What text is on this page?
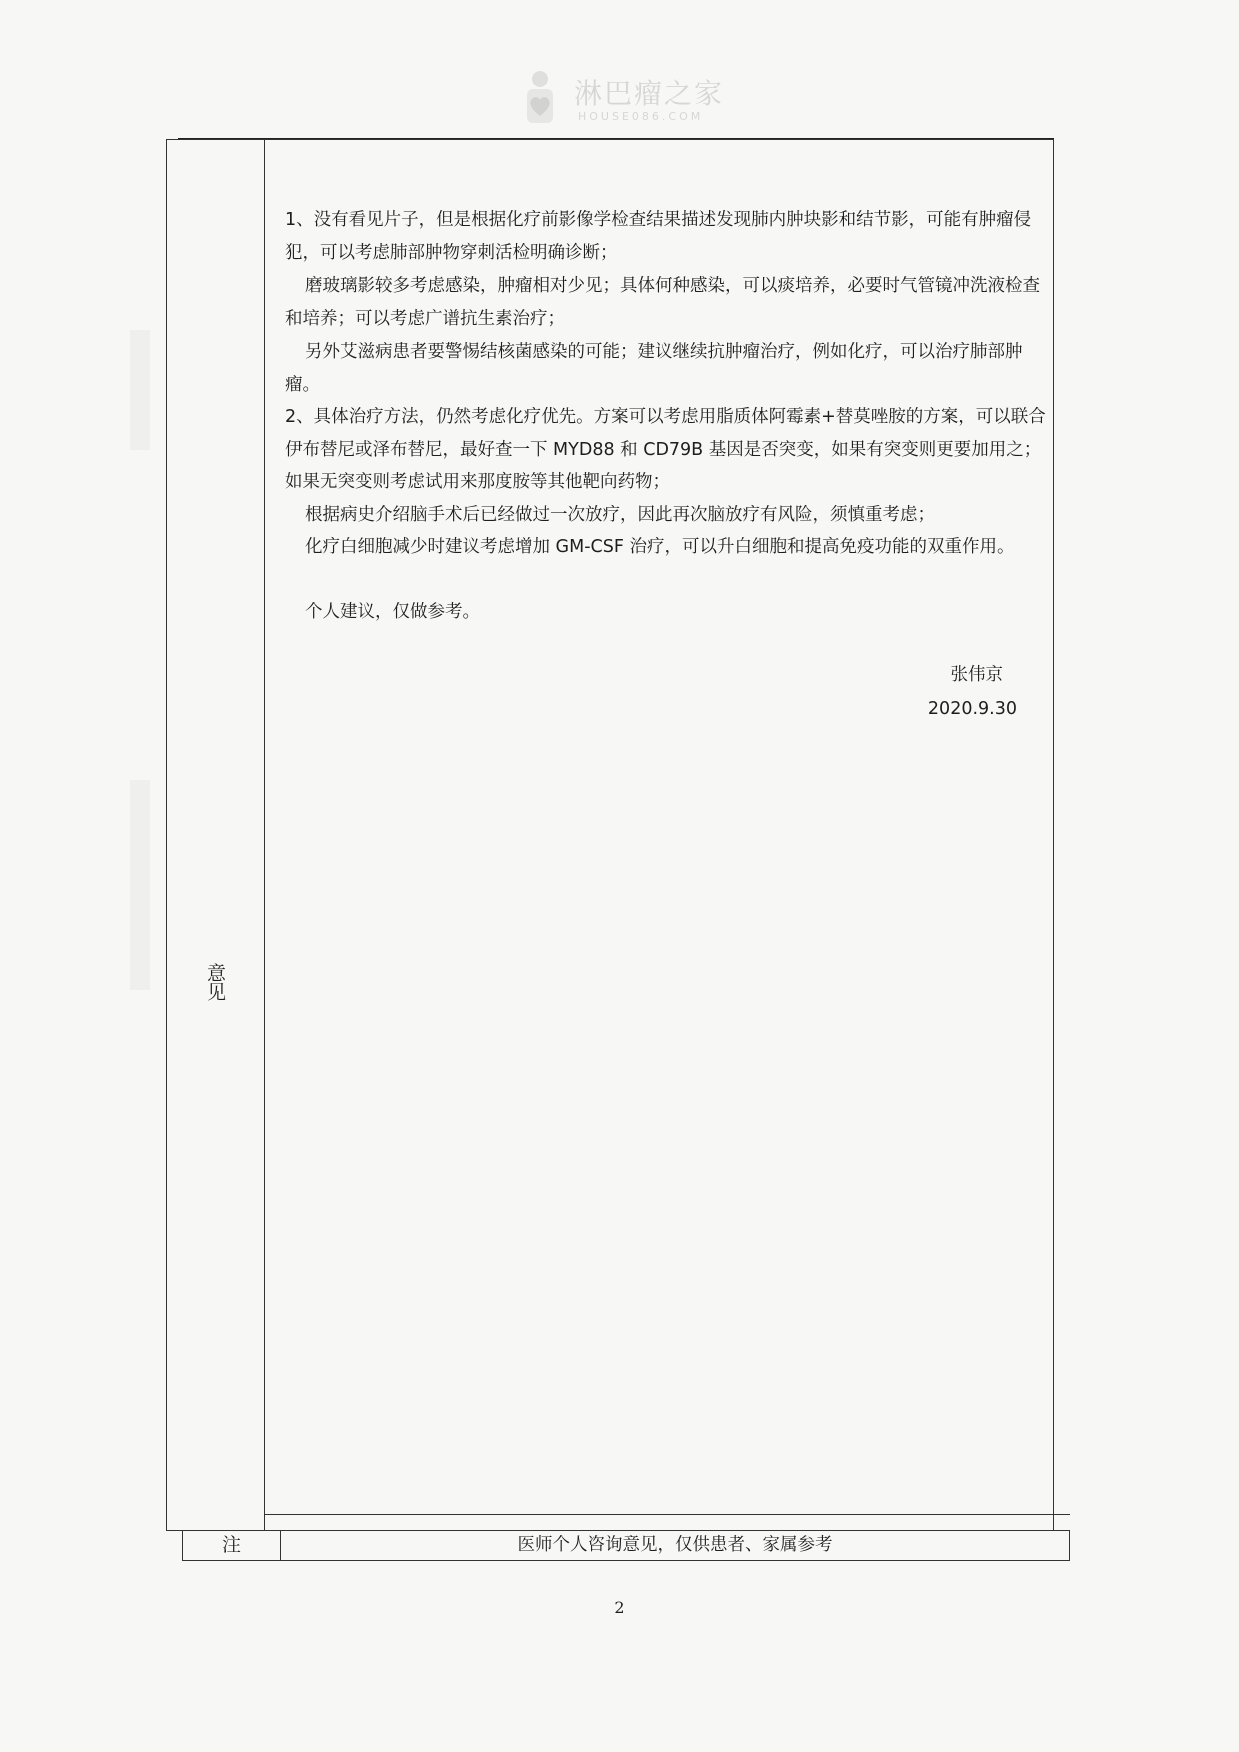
淋巴瘤之家
HOUSE086.COM
意见
1、没有看见片子，但是根据化疗前影像学检查结果描述发现肺内肿块影和结节影，可能有肿瘤侵犯，可以考虑肺部肿物穿刺活检明确诊断；
磨玻璃影较多考虑感染，肿瘤相对少见；具体何种感染，可以痰培养，必要时气管镜冲洗液检查和培养；可以考虑广谱抗生素治疗；
另外艾滋病患者要警惕结核菌感染的可能；建议继续抗肿瘤治疗，例如化疗，可以治疗肺部肿瘤。
2、具体治疗方法，仍然考虑化疗优先。方案可以考虑用脂质体阿霉素+替莫唑胺的方案，可以联合伊布替尼或泽布替尼，最好查一下 MYD88 和 CD79B 基因是否突变，如果有突变则更要加用之；如果无突变则考虑试用来那度胺等其他靶向药物；
根据病史介绍脑手术后已经做过一次放疗，因此再次脑放疗有风险，须慎重考虑；
化疗白细胞减少时建议考虑增加 GM-CSF 治疗，可以升白细胞和提高免疫功能的双重作用。
个人建议，仅做参考。
张伟京
2020.9.30
注	医师个人咨询意见，仅供患者、家属参考
2
